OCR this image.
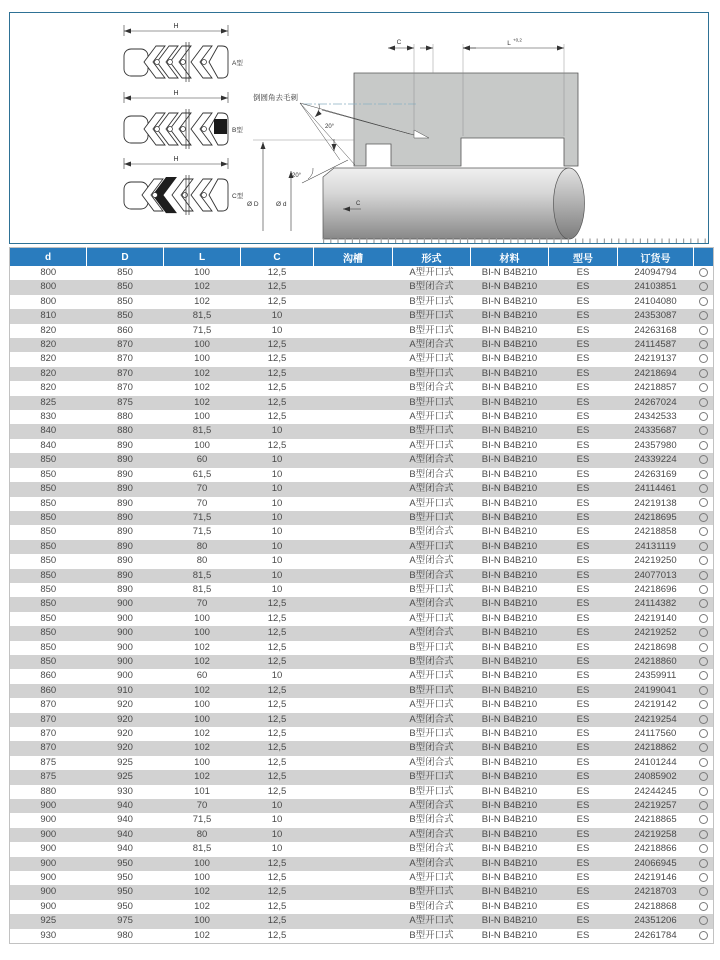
H
A型
H
B型
H
C型
C	L +0,2
Ø D	Ø d	C
20°
20°
倒圆角去毛刺
d	D	L	C	沟槽	形式	材料	型号	订货号	
800	850	100	12,5		A型开口式	BI-N B4B210	ES	24094794	
800	850	102	12,5		B型闭合式	BI-N B4B210	ES	24103851	
800	850	102	12,5		B型开口式	BI-N B4B210	ES	24104080	
810	850	81,5	10		B型开口式	BI-N B4B210	ES	24353087	
820	860	71,5	10		B型开口式	BI-N B4B210	ES	24263168	
820	870	100	12,5		A型闭合式	BI-N B4B210	ES	24114587	
820	870	100	12,5		A型开口式	BI-N B4B210	ES	24219137	
820	870	102	12,5		B型开口式	BI-N B4B210	ES	24218694	
820	870	102	12,5		B型闭合式	BI-N B4B210	ES	24218857	
825	875	102	12,5		B型开口式	BI-N B4B210	ES	24267024	
830	880	100	12,5		A型开口式	BI-N B4B210	ES	24342533	
840	880	81,5	10		B型开口式	BI-N B4B210	ES	24335687	
840	890	100	12,5		A型开口式	BI-N B4B210	ES	24357980	
850	890	60	10		A型闭合式	BI-N B4B210	ES	24339224	
850	890	61,5	10		B型闭合式	BI-N B4B210	ES	24263169	
850	890	70	10		A型闭合式	BI-N B4B210	ES	24114461	
850	890	70	10		A型开口式	BI-N B4B210	ES	24219138	
850	890	71,5	10		B型开口式	BI-N B4B210	ES	24218695	
850	890	71,5	10		B型闭合式	BI-N B4B210	ES	24218858	
850	890	80	10		A型开口式	BI-N B4B210	ES	24131119	
850	890	80	10		A型闭合式	BI-N B4B210	ES	24219250	
850	890	81,5	10		B型闭合式	BI-N B4B210	ES	24077013	
850	890	81,5	10		B型开口式	BI-N B4B210	ES	24218696	
850	900	70	12,5		A型闭合式	BI-N B4B210	ES	24114382	
850	900	100	12,5		A型开口式	BI-N B4B210	ES	24219140	
850	900	100	12,5		A型闭合式	BI-N B4B210	ES	24219252	
850	900	102	12,5		B型开口式	BI-N B4B210	ES	24218698	
850	900	102	12,5		B型闭合式	BI-N B4B210	ES	24218860	
860	900	60	10		A型开口式	BI-N B4B210	ES	24359911	
860	910	102	12,5		B型开口式	BI-N B4B210	ES	24199041	
870	920	100	12,5		A型开口式	BI-N B4B210	ES	24219142	
870	920	100	12,5		A型闭合式	BI-N B4B210	ES	24219254	
870	920	102	12,5		B型开口式	BI-N B4B210	ES	24117560	
870	920	102	12,5		B型闭合式	BI-N B4B210	ES	24218862	
875	925	100	12,5		A型闭合式	BI-N B4B210	ES	24101244	
875	925	102	12,5		B型开口式	BI-N B4B210	ES	24085902	
880	930	101	12,5		B型开口式	BI-N B4B210	ES	24244245	
900	940	70	10		A型闭合式	BI-N B4B210	ES	24219257	
900	940	71,5	10		B型闭合式	BI-N B4B210	ES	24218865	
900	940	80	10		A型闭合式	BI-N B4B210	ES	24219258	
900	940	81,5	10		B型闭合式	BI-N B4B210	ES	24218866	
900	950	100	12,5		A型闭合式	BI-N B4B210	ES	24066945	
900	950	100	12,5		A型开口式	BI-N B4B210	ES	24219146	
900	950	102	12,5		B型开口式	BI-N B4B210	ES	24218703	
900	950	102	12,5		B型闭合式	BI-N B4B210	ES	24218868	
925	975	100	12,5		A型开口式	BI-N B4B210	ES	24351206	
930	980	102	12,5		B型开口式	BI-N B4B210	ES	24261784	
